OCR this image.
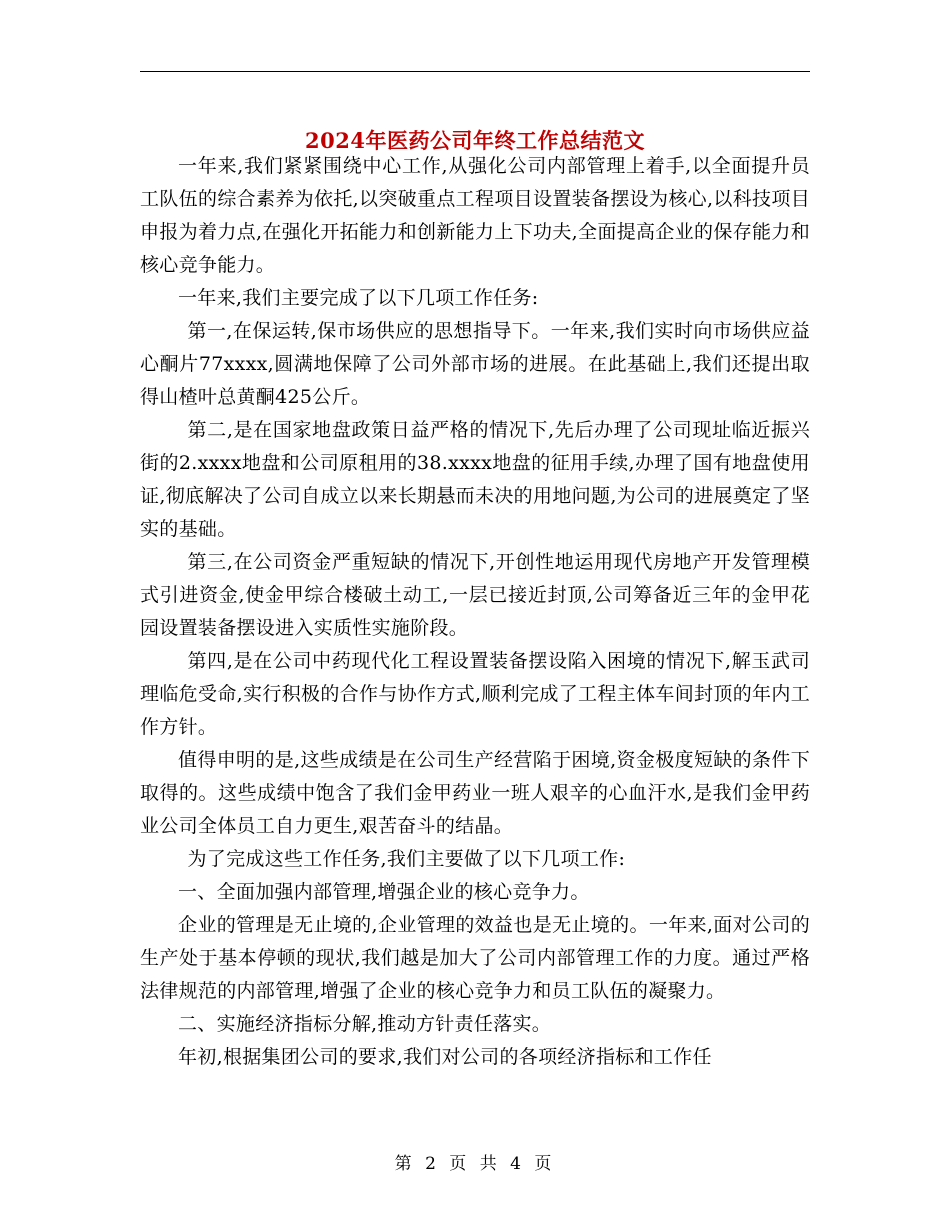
2024年医药公司年终工作总结范文

一年来,我们紧紧围绕中心工作,从强化公司内部管理上着手,以全面提升员工队伍的综合素养为依托,以突破重点工程项目设置装备摆设为核心,以科技项目申报为着力点,在强化开拓能力和创新能力上下功夫,全面提高企业的保存能力和核心竞争能力。

一年来,我们主要完成了以下几项工作任务:

第一,在保运转,保市场供应的思想指导下。一年来,我们实时向市场供应益心酮片77xxxx,圆满地保障了公司外部市场的进展。在此基础上,我们还提出取得山楂叶总黄酮425公斤。

第二,是在国家地盘政策日益严格的情况下,先后办理了公司现址临近振兴街的2.xxxx地盘和公司原租用的38.xxxx地盘的征用手续,办理了国有地盘使用证,彻底解决了公司自成立以来长期悬而未决的用地问题,为公司的进展奠定了坚实的基础。

第三,在公司资金严重短缺的情况下,开创性地运用现代房地产开发管理模式引进资金,使金甲综合楼破土动工,一层已接近封顶,公司筹备近三年的金甲花园设置装备摆设进入实质性实施阶段。

第四,是在公司中药现代化工程设置装备摆设陷入困境的情况下,解玉武司理临危受命,实行积极的合作与协作方式,顺利完成了工程主体车间封顶的年内工作方针。

值得申明的是,这些成绩是在公司生产经营陷于困境,资金极度短缺的条件下取得的。这些成绩中饱含了我们金甲药业一班人艰辛的心血汗水,是我们金甲药业公司全体员工自力更生,艰苦奋斗的结晶。

为了完成这些工作任务,我们主要做了以下几项工作:

一、全面加强内部管理,增强企业的核心竞争力。

企业的管理是无止境的,企业管理的效益也是无止境的。一年来,面对公司的生产处于基本停顿的现状,我们越是加大了公司内部管理工作的力度。通过严格法律规范的内部管理,增强了企业的核心竞争力和员工队伍的凝聚力。

二、实施经济指标分解,推动方针责任落实。

年初,根据集团公司的要求,我们对公司的各项经济指标和工作任

第 2 页 共 4 页
